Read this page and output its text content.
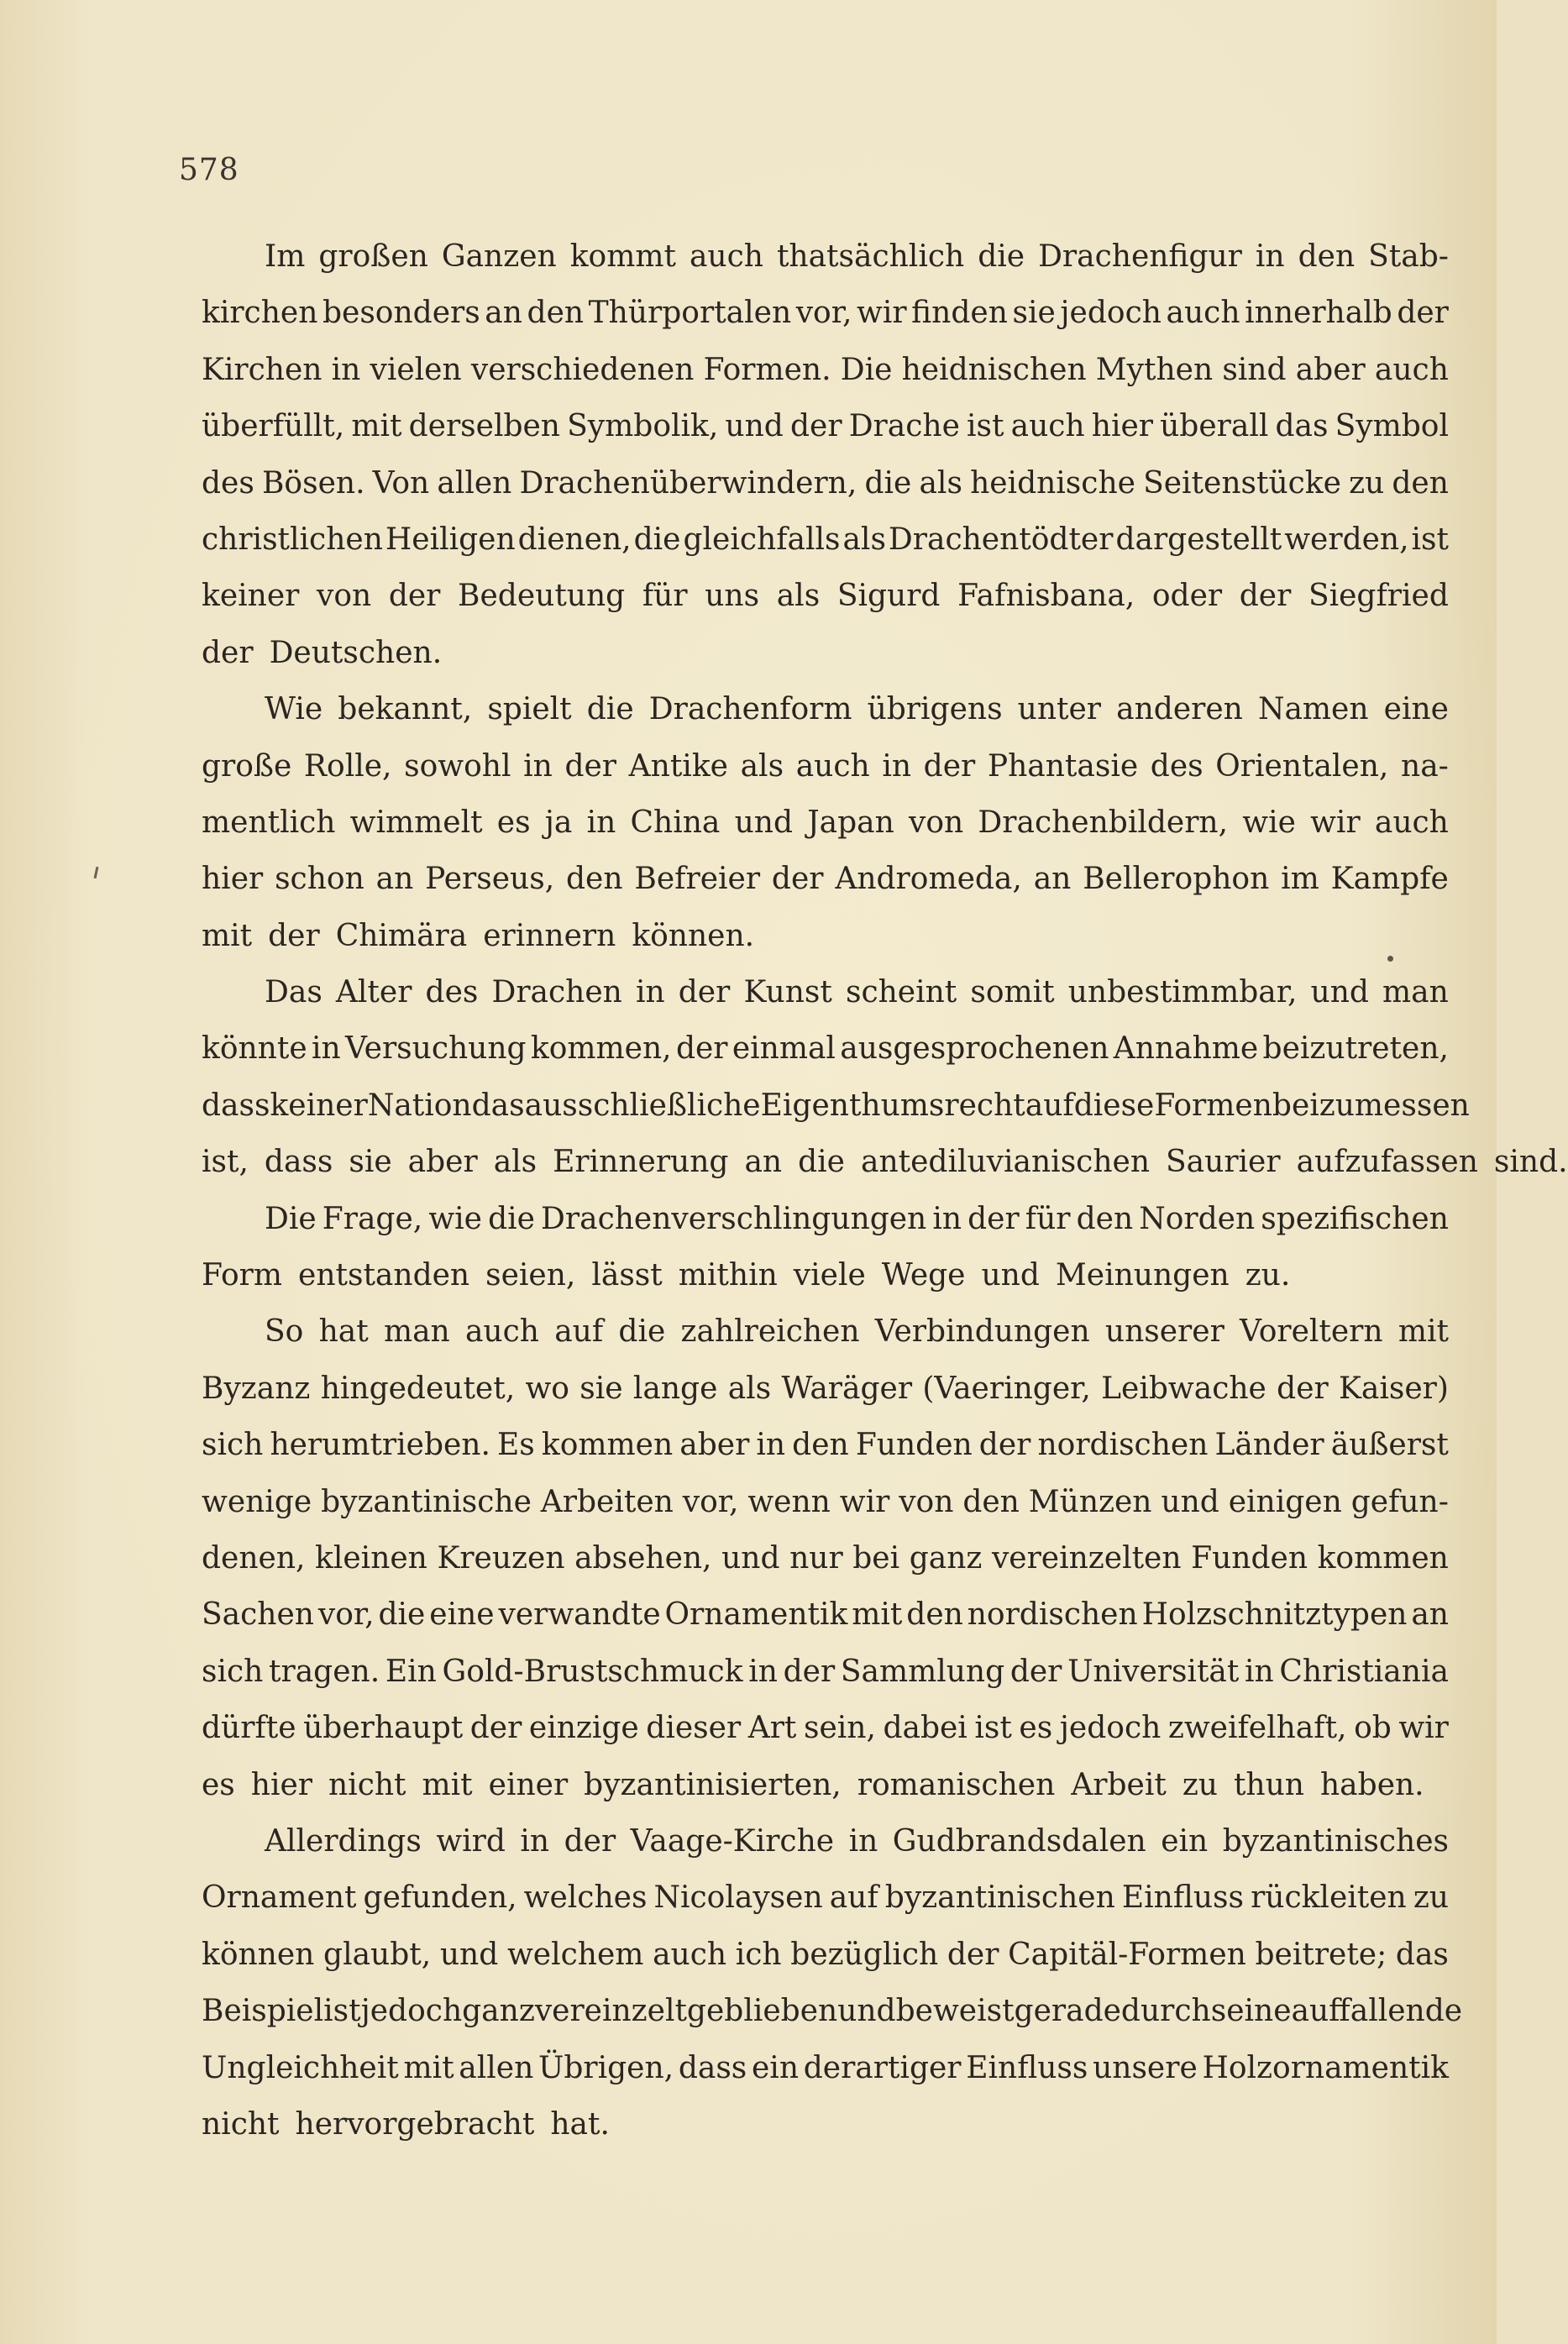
578
Im großen Ganzen kommt auch thatsächlich die Drachenfigur in den Stab-
kirchen besonders an den Thürportalen vor, wir finden sie jedoch auch innerhalb der
Kirchen in vielen verschiedenen Formen. Die heidnischen Mythen sind aber auch
überfüllt, mit derselben Symbolik, und der Drache ist auch hier überall das Symbol
des Bösen. Von allen Drachenüberwindern, die als heidnische Seitenstücke zu den
christlichen Heiligen dienen, die gleichfalls als Drachentödter dargestellt werden, ist
keiner von der Bedeutung für uns als Sigurd Fafnisbana, oder der Siegfried
der Deutschen.
Wie bekannt, spielt die Drachenform übrigens unter anderen Namen eine
große Rolle, sowohl in der Antike als auch in der Phantasie des Orientalen, na-
mentlich wimmelt es ja in China und Japan von Drachenbildern, wie wir auch
hier schon an Perseus, den Befreier der Andromeda, an Bellerophon im Kampfe
mit der Chimära erinnern können.
Das Alter des Drachen in der Kunst scheint somit unbestimmbar, und man
könnte in Versuchung kommen, der einmal ausgesprochenen Annahme beizutreten,
dass keiner Nation das ausschließliche Eigenthumsrecht auf diese Formen beizumessen
ist, dass sie aber als Erinnerung an die antediluvianischen Saurier aufzufassen sind.
Die Frage, wie die Drachenverschlingungen in der für den Norden spezifischen
Form entstanden seien, lässt mithin viele Wege und Meinungen zu.
So hat man auch auf die zahlreichen Verbindungen unserer Voreltern mit
Byzanz hingedeutet, wo sie lange als Waräger (Vaeringer, Leibwache der Kaiser)
sich herumtrieben. Es kommen aber in den Funden der nordischen Länder äußerst
wenige byzantinische Arbeiten vor, wenn wir von den Münzen und einigen gefun-
denen, kleinen Kreuzen absehen, und nur bei ganz vereinzelten Funden kommen
Sachen vor, die eine verwandte Ornamentik mit den nordischen Holzschnitztypen an
sich tragen. Ein Gold-Brustschmuck in der Sammlung der Universität in Christiania
dürfte überhaupt der einzige dieser Art sein, dabei ist es jedoch zweifelhaft, ob wir
es hier nicht mit einer byzantinisierten, romanischen Arbeit zu thun haben.
Allerdings wird in der Vaage-Kirche in Gudbrandsdalen ein byzantinisches
Ornament gefunden, welches Nicolaysen auf byzantinischen Einfluss rückleiten zu
können glaubt, und welchem auch ich bezüglich der Capitäl-Formen beitrete; das
Beispiel ist jedoch ganz vereinzelt geblieben und beweist gerade durch seine auffallende
Ungleichheit mit allen Übrigen, dass ein derartiger Einfluss unsere Holzornamentik
nicht hervorgebracht hat.
